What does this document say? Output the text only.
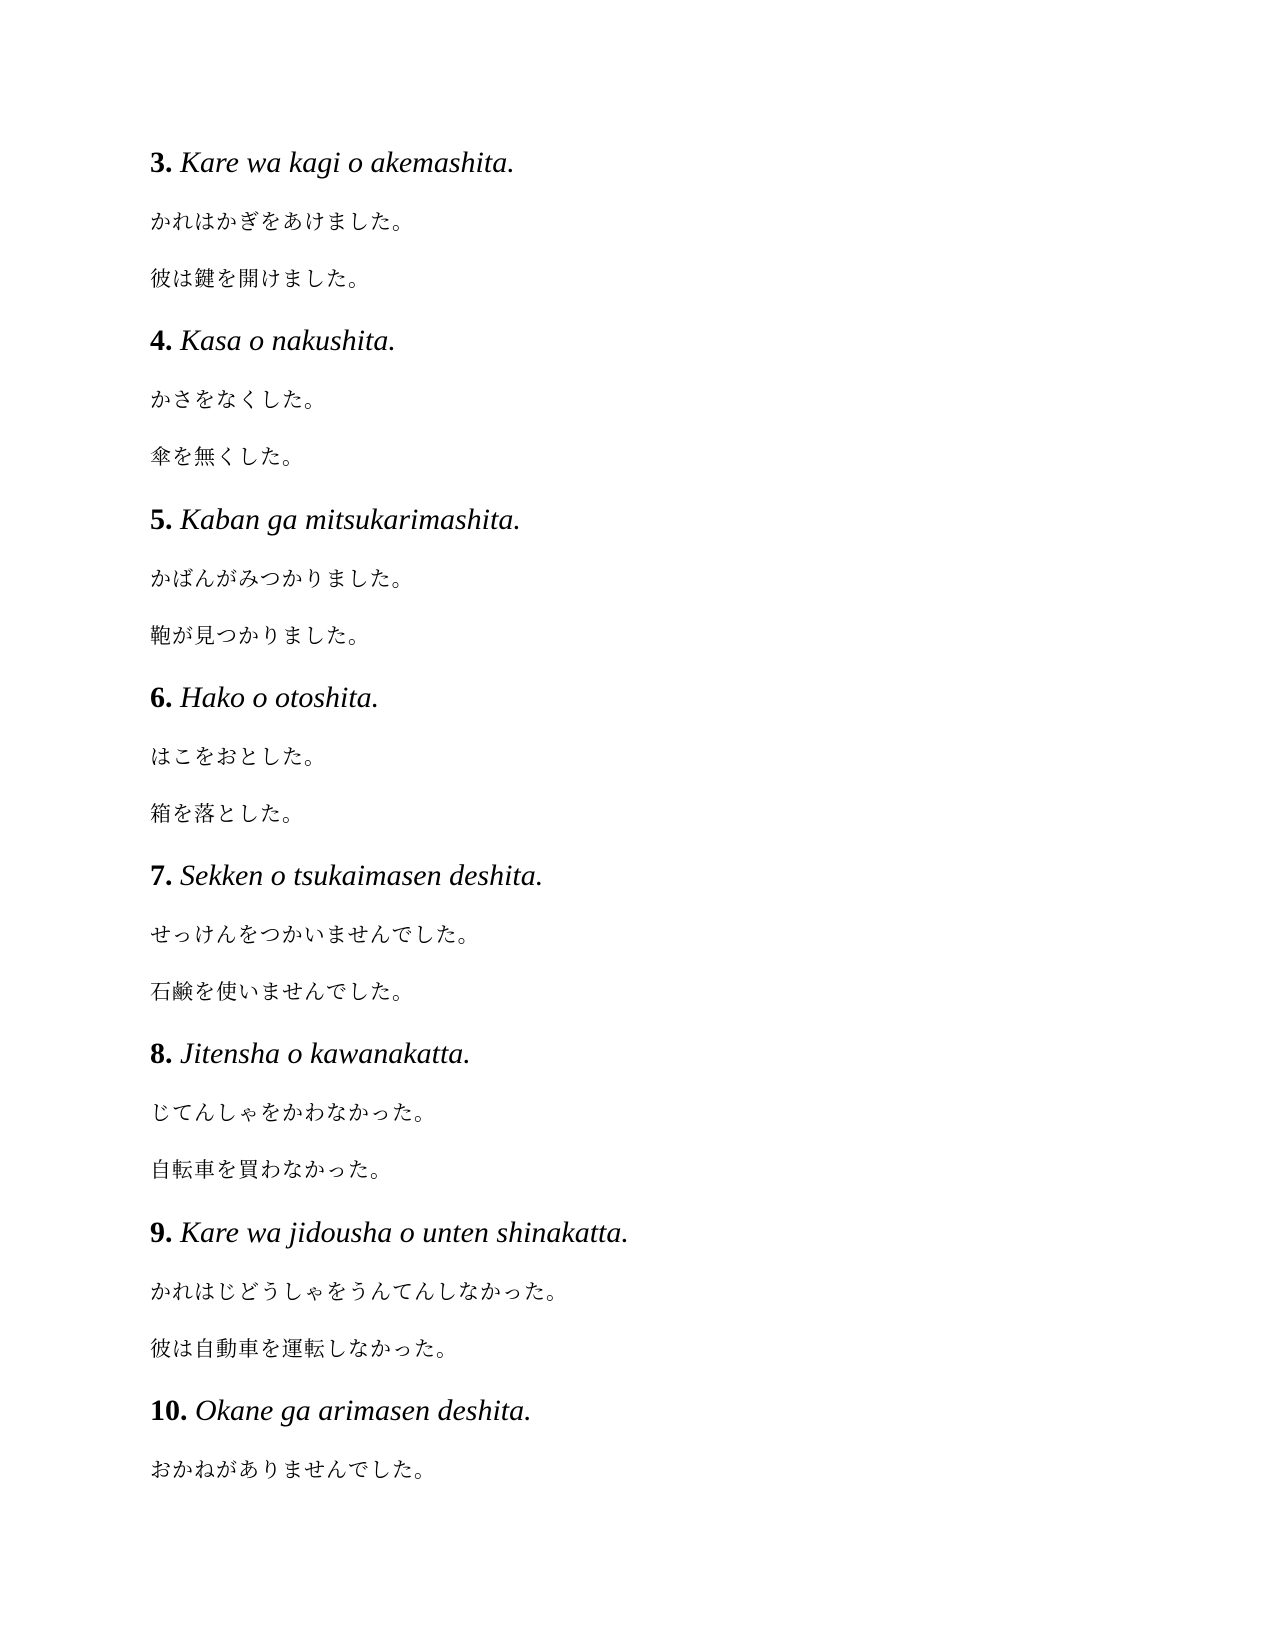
3. Kare wa kagi o akemashita.
かれはかぎをあけました。
彼は鍵を開けました。
4. Kasa o nakushita.
かさをなくした。
傘を無くした。
5. Kaban ga mitsukarimashita.
かばんがみつかりました。
鞄が見つかりました。
6. Hako o otoshita.
はこをおとした。
箱を落とした。
7. Sekken o tsukaimasen deshita.
せっけんをつかいませんでした。
石鹸を使いませんでした。
8. Jitensha o kawanakatta.
じてんしゃをかわなかった。
自転車を買わなかった。
9. Kare wa jidousha o unten shinakatta.
かれはじどうしゃをうんてんしなかった。
彼は自動車を運転しなかった。
10. Okane ga arimasen deshita.
おかねがありませんでした。
